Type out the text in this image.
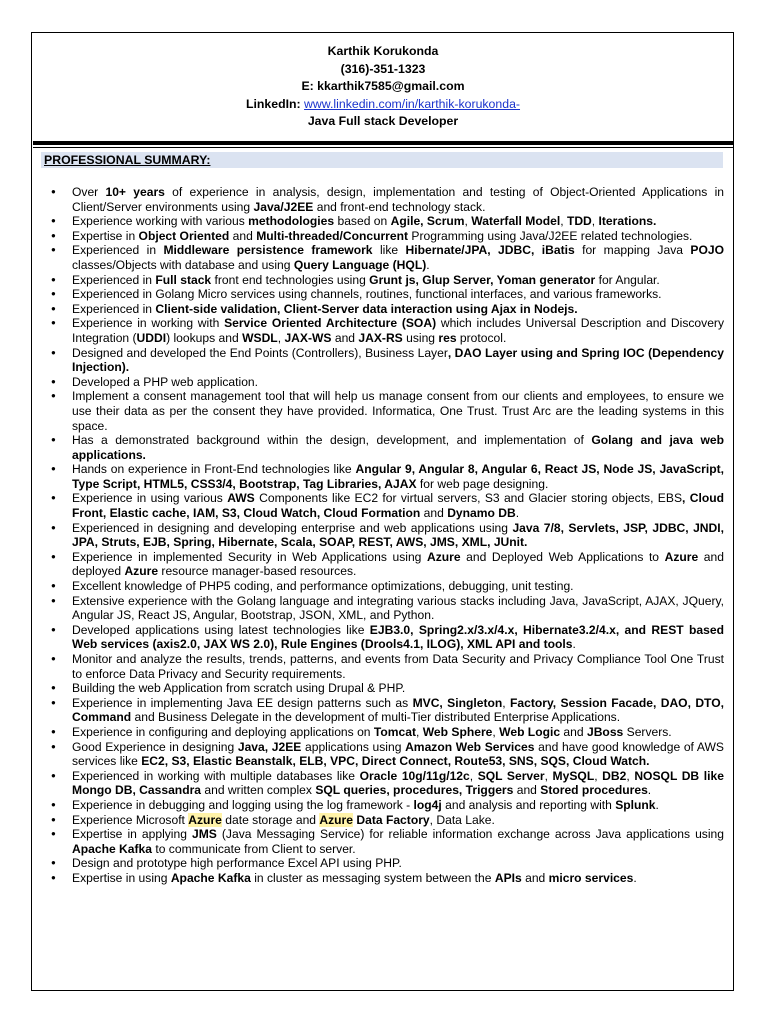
Karthik Korukonda
(316)-351-1323
E: kkarthik7585@gmail.com
LinkedIn: www.linkedin.com/in/karthik-korukonda-
Java Full stack Developer
PROFESSIONAL SUMMARY:
● Over 10+ years of experience in analysis, design, implementation and testing of Object-Oriented Applications in Client/Server environments using Java/J2EE and front-end technology stack.
● Experience working with various methodologies based on Agile, Scrum, Waterfall Model, TDD, Iterations.
● Expertise in Object Oriented and Multi-threaded/Concurrent Programming using Java/J2EE related technologies.
● Experienced in Middleware persistence framework like Hibernate/JPA, JDBC, iBatis for mapping Java POJO classes/Objects with database and using Query Language (HQL).
● Experienced in Full stack front end technologies using Grunt js, Glup Server, Yoman generator for Angular.
● Experienced in Golang Micro services using channels, routines, functional interfaces, and various frameworks.
● Experienced in Client-side validation, Client-Server data interaction using Ajax in Nodejs.
● Experience in working with Service Oriented Architecture (SOA) which includes Universal Description and Discovery Integration (UDDI) lookups and WSDL, JAX-WS and JAX-RS using res protocol.
● Designed and developed the End Points (Controllers), Business Layer, DAO Layer using and Spring IOC (Dependency Injection).
● Developed a PHP web application.
● Implement a consent management tool that will help us manage consent from our clients and employees, to ensure we use their data as per the consent they have provided. Informatica, One Trust. Trust Arc are the leading systems in this space.
● Has a demonstrated background within the design, development, and implementation of Golang and java web applications.
● Hands on experience in Front-End technologies like Angular 9, Angular 8, Angular 6, React JS, Node JS, JavaScript, Type Script, HTML5, CSS3/4, Bootstrap, Tag Libraries, AJAX for web page designing.
● Experience in using various AWS Components like EC2 for virtual servers, S3 and Glacier storing objects, EBS, Cloud Front, Elastic cache, IAM, S3, Cloud Watch, Cloud Formation and Dynamo DB.
● Experienced in designing and developing enterprise and web applications using Java 7/8, Servlets, JSP, JDBC, JNDI, JPA, Struts, EJB, Spring, Hibernate, Scala, SOAP, REST, AWS, JMS, XML, JUnit.
● Experience in implemented Security in Web Applications using Azure and Deployed Web Applications to Azure and deployed Azure resource manager-based resources.
● Excellent knowledge of PHP5 coding, and performance optimizations, debugging, unit testing.
● Extensive experience with the Golang language and integrating various stacks including Java, JavaScript, AJAX, JQuery, Angular JS, React JS, Angular, Bootstrap, JSON, XML, and Python.
● Developed applications using latest technologies like EJB3.0, Spring2.x/3.x/4.x, Hibernate3.2/4.x, and REST based Web services (axis2.0, JAX WS 2.0), Rule Engines (Drools4.1, ILOG), XML API and tools.
● Monitor and analyze the results, trends, patterns, and events from Data Security and Privacy Compliance Tool One Trust to enforce Data Privacy and Security requirements.
● Building the web Application from scratch using Drupal & PHP.
● Experience in implementing Java EE design patterns such as MVC, Singleton, Factory, Session Facade, DAO, DTO, Command and Business Delegate in the development of multi-Tier distributed Enterprise Applications.
● Experience in configuring and deploying applications on Tomcat, Web Sphere, Web Logic and JBoss Servers.
● Good Experience in designing Java, J2EE applications using Amazon Web Services and have good knowledge of AWS services like EC2, S3, Elastic Beanstalk, ELB, VPC, Direct Connect, Route53, SNS, SQS, Cloud Watch.
● Experienced in working with multiple databases like Oracle 10g/11g/12c, SQL Server, MySQL, DB2, NOSQL DB like Mongo DB, Cassandra and written complex SQL queries, procedures, Triggers and Stored procedures.
● Experience in debugging and logging using the log framework - log4j and analysis and reporting with Splunk.
● Experience Microsoft Azure date storage and Azure Data Factory, Data Lake.
● Expertise in applying JMS (Java Messaging Service) for reliable information exchange across Java applications using Apache Kafka to communicate from Client to server.
● Design and prototype high performance Excel API using PHP.
● Expertise in using Apache Kafka in cluster as messaging system between the APIs and micro services.
